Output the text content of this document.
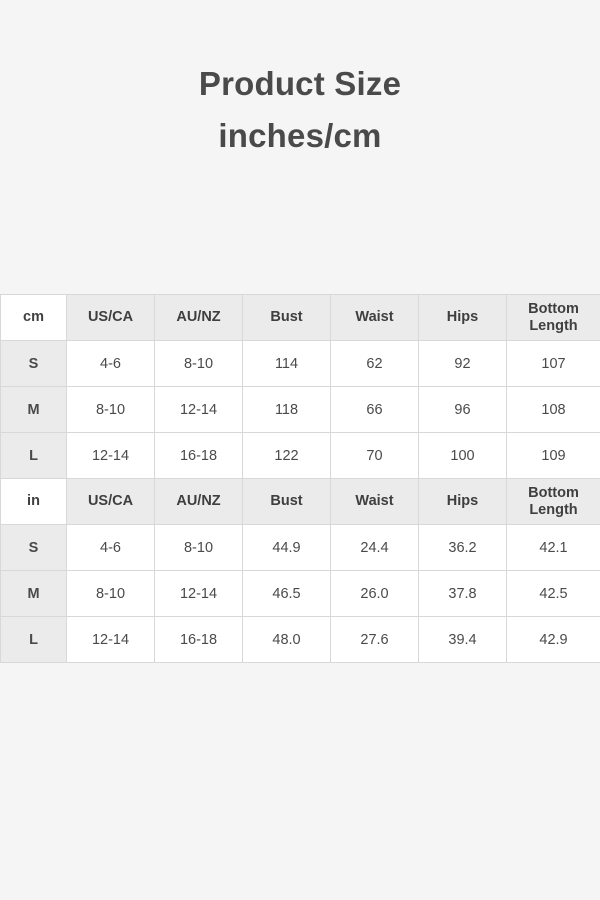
Product Size
inches/cm
cm	US/CA	AU/NZ	Bust	Waist	Hips	Bottom
Length

S	4-6	8-10	114	62	92	107
M	8-10	12-14	118	66	96	108
L	12-14	16-18	122	70	100	109
in	US/CA	AU/NZ	Bust	Waist	Hips	Bottom
Length

S	4-6	8-10	44.9	24.4	36.2	42.1
M	8-10	12-14	46.5	26.0	37.8	42.5
L	12-14	16-18	48.0	27.6	39.4	42.9
